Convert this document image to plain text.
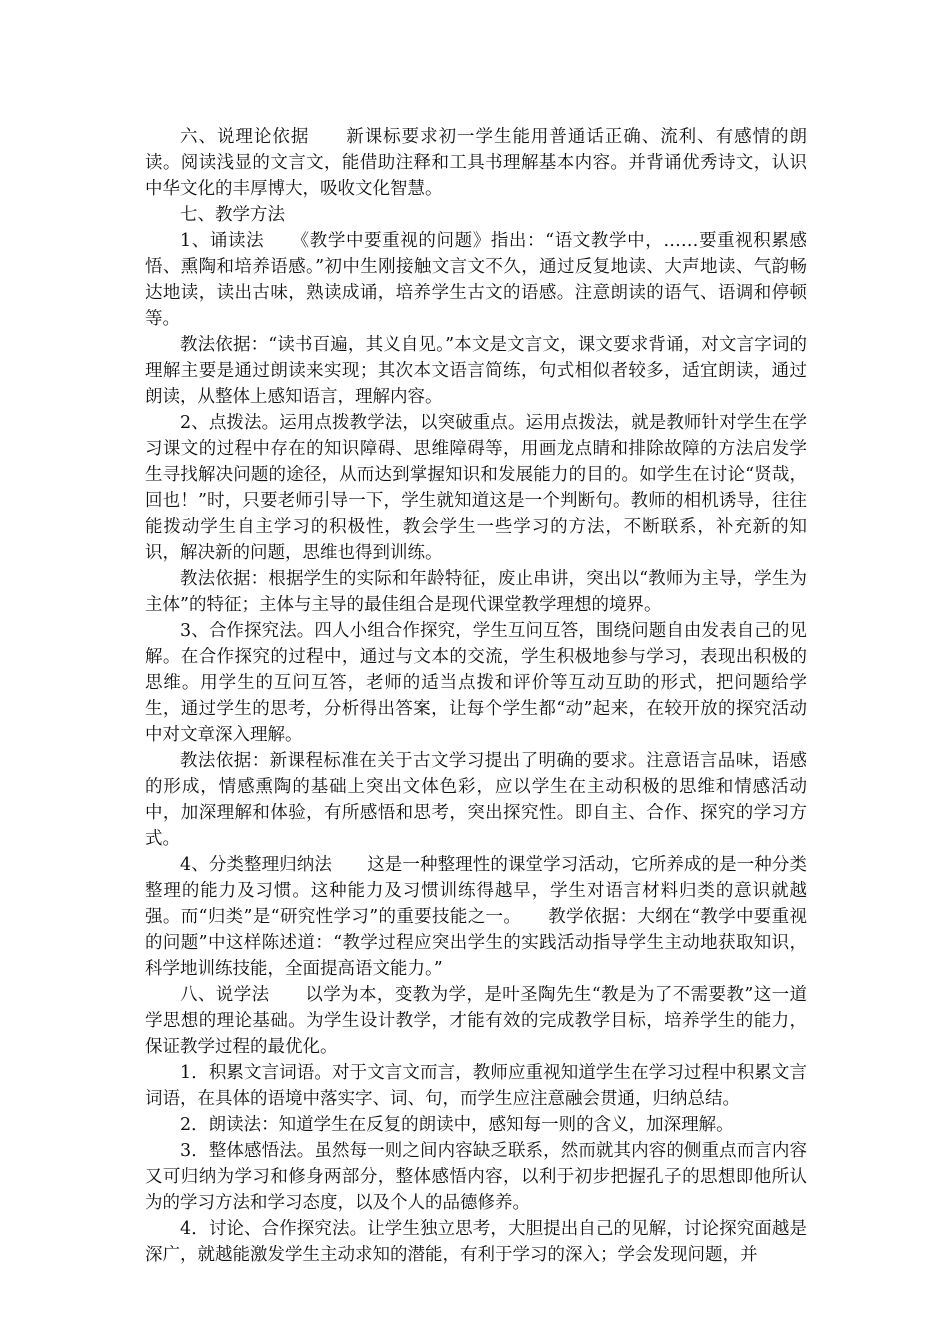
六、说理论依据　　新课标要求初一学生能用普通话正确、流利、有感情的朗读。阅读浅显的文言文，能借助注释和工具书理解基本内容。并背诵优秀诗文，认识中华文化的丰厚博大，吸收文化智慧。

七、教学方法

1、诵读法　　《教学中要重视的问题》指出：“语文教学中，……要重视积累感悟、熏陶和培养语感。”初中生刚接触文言文不久，通过反复地读、大声地读、气韵畅达地读，读出古味，熟读成诵，培养学生古文的语感。注意朗读的语气、语调和停顿等。

教法依据：“读书百遍，其义自见。”本文是文言文，课文要求背诵，对文言字词的理解主要是通过朗读来实现；其次本文语言简练，句式相似者较多，适宜朗读，通过朗读，从整体上感知语言，理解内容。

2、点拨法。运用点拨教学法，以突破重点。运用点拨法，就是教师针对学生在学习课文的过程中存在的知识障碍、思维障碍等，用画龙点睛和排除故障的方法启发学生寻找解决问题的途径，从而达到掌握知识和发展能力的目的。如学生在讨论“贤哉，回也！”时，只要老师引导一下，学生就知道这是一个判断句。教师的相机诱导，往往能拨动学生自主学习的积极性，教会学生一些学习的方法，不断联系，补充新的知识，解决新的问题，思维也得到训练。

教法依据：根据学生的实际和年龄特征，废止串讲，突出以“教师为主导，学生为主体”的特征；主体与主导的最佳组合是现代课堂教学理想的境界。

3、合作探究法。四人小组合作探究，学生互问互答，围绕问题自由发表自己的见解。在合作探究的过程中，通过与文本的交流，学生积极地参与学习，表现出积极的思维。用学生的互问互答，老师的适当点拨和评价等互动互助的形式，把问题给学生，通过学生的思考，分析得出答案，让每个学生都“动”起来，在较开放的探究活动中对文章深入理解。

教法依据：新课程标准在关于古文学习提出了明确的要求。注意语言品味，语感的形成，情感熏陶的基础上突出文体色彩，应以学生在主动积极的思维和情感活动中，加深理解和体验，有所感悟和思考，突出探究性。即自主、合作、探究的学习方式。

4、分类整理归纳法　　这是一种整理性的课堂学习活动，它所养成的是一种分类整理的能力及习惯。这种能力及习惯训练得越早，学生对语言材料归类的意识就越强。而“归类”是“研究性学习”的重要技能之一。　　教学依据：大纲在“教学中要重视的问题”中这样陈述道：“教学过程应突出学生的实践活动指导学生主动地获取知识，科学地训练技能，全面提高语文能力。”

八、说学法　　以学为本，变教为学，是叶圣陶先生“教是为了不需要教”这一道学思想的理论基础。为学生设计教学，才能有效的完成教学目标，培养学生的能力，保证教学过程的最优化。

1．积累文言词语。对于文言文而言，教师应重视知道学生在学习过程中积累文言词语，在具体的语境中落实字、词、句，而学生应注意融会贯通，归纳总结。

2．朗读法：知道学生在反复的朗读中，感知每一则的含义，加深理解。

3．整体感悟法。虽然每一则之间内容缺乏联系，然而就其内容的侧重点而言内容又可归纳为学习和修身两部分，整体感悟内容，以利于初步把握孔子的思想即他所认为的学习方法和学习态度，以及个人的品德修养。

4．讨论、合作探究法。让学生独立思考，大胆提出自己的见解，讨论探究面越是深广，就越能激发学生主动求知的潜能，有利于学习的深入；学会发现问题，并
